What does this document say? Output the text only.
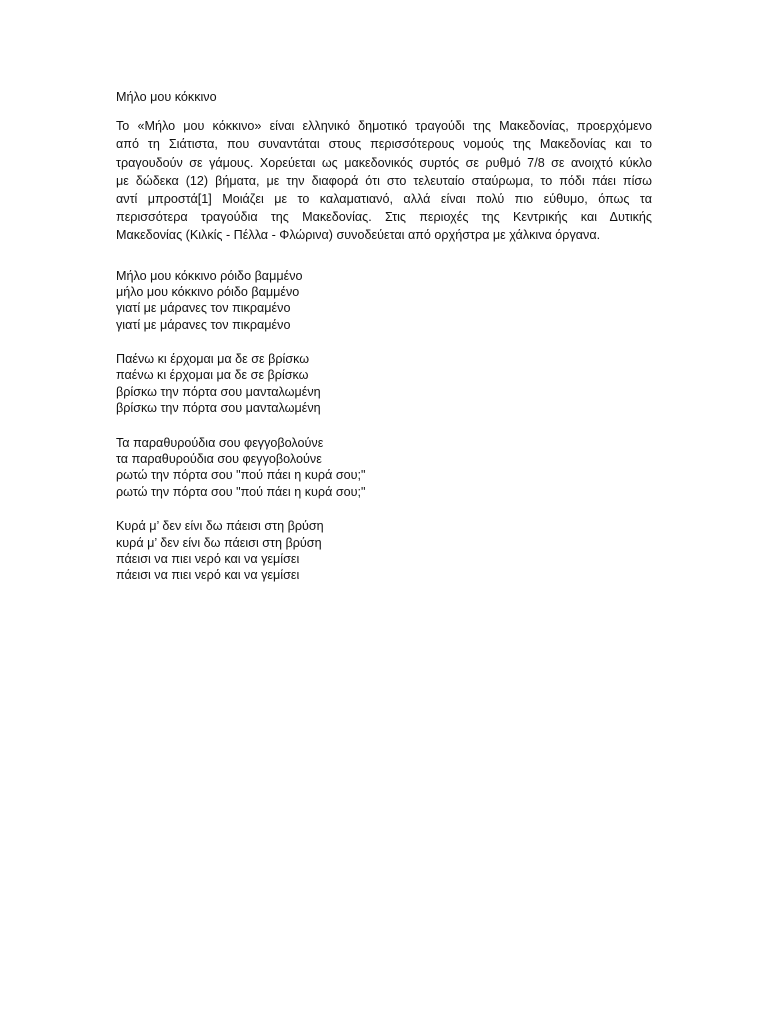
Μήλο μου κόκκινο
Το «Μήλο μου κόκκινο» είναι ελληνικό δημοτικό τραγούδι της Μακεδονίας, προερχόμενο
από τη Σιάτιστα, που συναντάται στους περισσότερους νομούς της Μακεδονίας και το
τραγουδούν σε γάμους. Χορεύεται ως μακεδονικός συρτός σε ρυθμό 7/8 σε ανοιχτό κύκλο
με δώδεκα (12) βήματα, με την διαφορά ότι στο τελευταίο σταύρωμα, το πόδι πάει πίσω
αντί μπροστά[1] Μοιάζει με το καλαματιανό, αλλά είναι πολύ πιο εύθυμο, όπως τα
περισσότερα τραγούδια της Μακεδονίας. Στις περιοχές της Κεντρικής και Δυτικής
Μακεδονίας (Κιλκίς - Πέλλα - Φλώρινα) συνοδεύεται από ορχήστρα με χάλκινα όργανα.
Μήλο μου κόκκινο ρόιδο βαμμένο
μήλο μου κόκκινο ρόιδο βαμμένο
γιατί με μάρανες τον πικραμένο
γιατί με μάρανες τον πικραμένο
Παένω κι έρχομαι μα δε σε βρίσκω
παένω κι έρχομαι μα δε σε βρίσκω
βρίσκω την πόρτα σου μανταλωμένη
βρίσκω την πόρτα σου μανταλωμένη
Τα παραθυρούδια σου φεγγοβολούνε
τα παραθυρούδια σου φεγγοβολούνε
ρωτώ την πόρτα σου "πού πάει η κυρά σου;"
ρωτώ την πόρτα σου "πού πάει η κυρά σου;"
Κυρά μ’ δεν είνι δω πάεισι στη βρύση
κυρά μ’ δεν είνι δω πάεισι στη βρύση
πάεισι να πιει νερό και να γεμίσει
πάεισι να πιει νερό και να γεμίσει
